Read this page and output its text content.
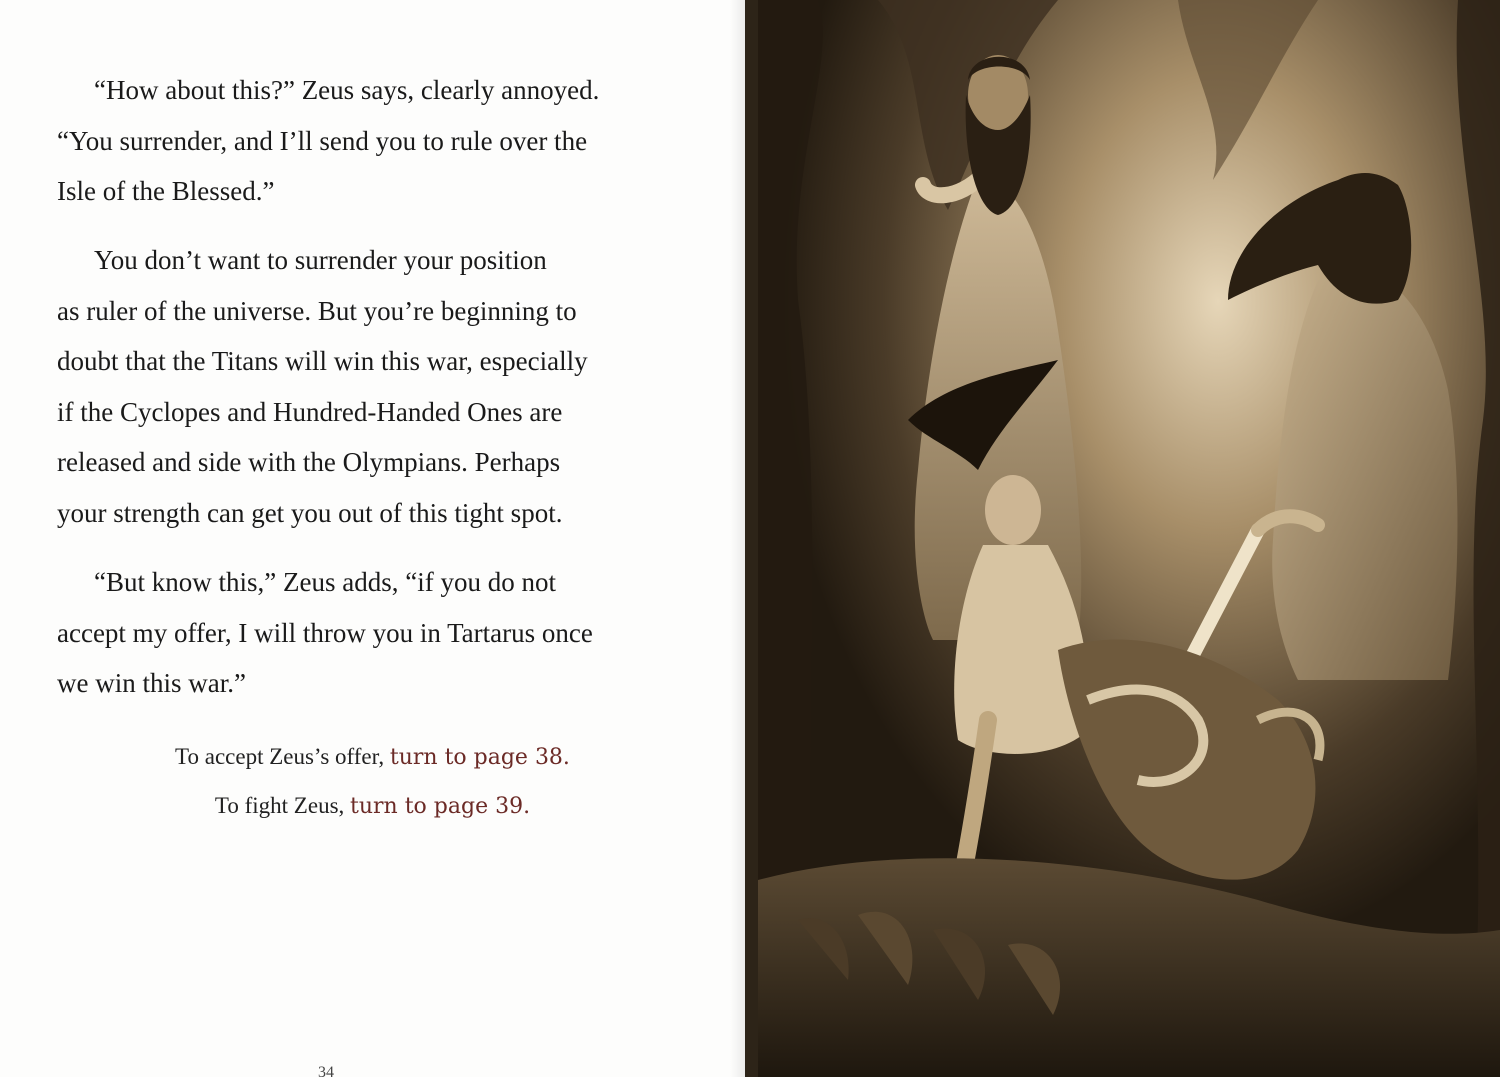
“How about this?” Zeus says, clearly annoyed.
“You surrender, and I’ll send you to rule over the
Isle of the Blessed.”

You don’t want to surrender your position
as ruler of the universe. But you’re beginning to
doubt that the Titans will win this war, especially
if the Cyclopes and Hundred-Handed Ones are
released and side with the Olympians. Perhaps
your strength can get you out of this tight spot.

“But know this,” Zeus adds, “if you do not
accept my offer, I will throw you in Tartarus once
we win this war.”

To accept Zeus’s offer, turn to page 38.
To fight Zeus, turn to page 39.
34
